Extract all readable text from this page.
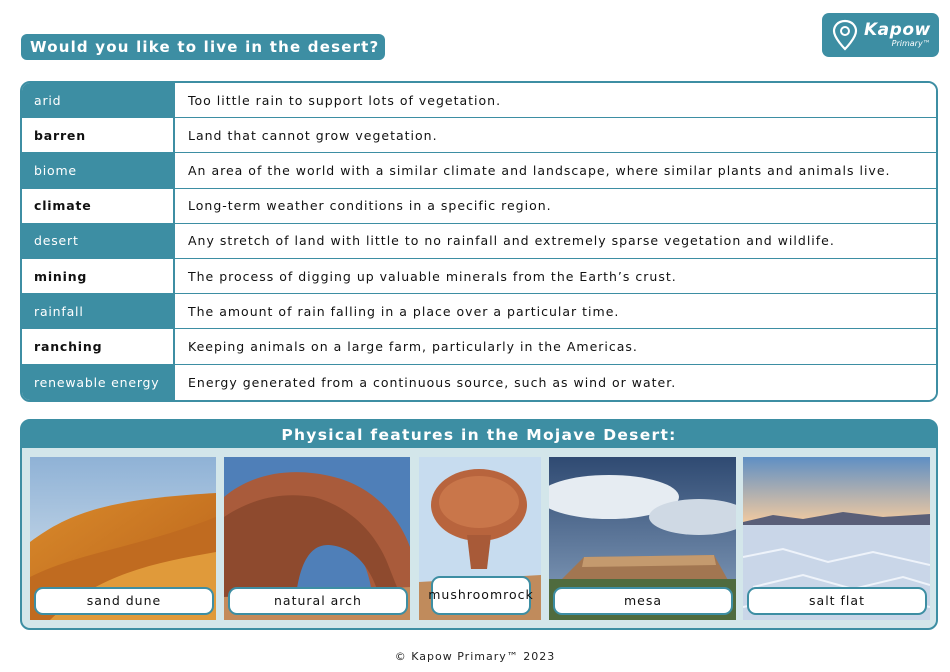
Would you like to live in the desert?
Kapow
Primary™
arid	Too little rain to support lots of vegetation.
barren	Land that cannot grow vegetation.
biome	An area of the world with a similar climate and landscape, where similar plants and animals live.
climate	Long-term weather conditions in a specific region.
desert	Any stretch of land with little to no rainfall and extremely sparse vegetation and wildlife.
mining	The process of digging up valuable minerals from the Earth’s crust.
rainfall	The amount of rain falling in a place over a particular time.
ranching	Keeping animals on a large farm, particularly in the Americas.
renewable energy	Energy generated from a continuous source, such as wind or water.
Physical features in the Mojave Desert:
sand dune	natural arch	mushroom rock	mesa	salt flat
© Kapow Primary™ 2023
